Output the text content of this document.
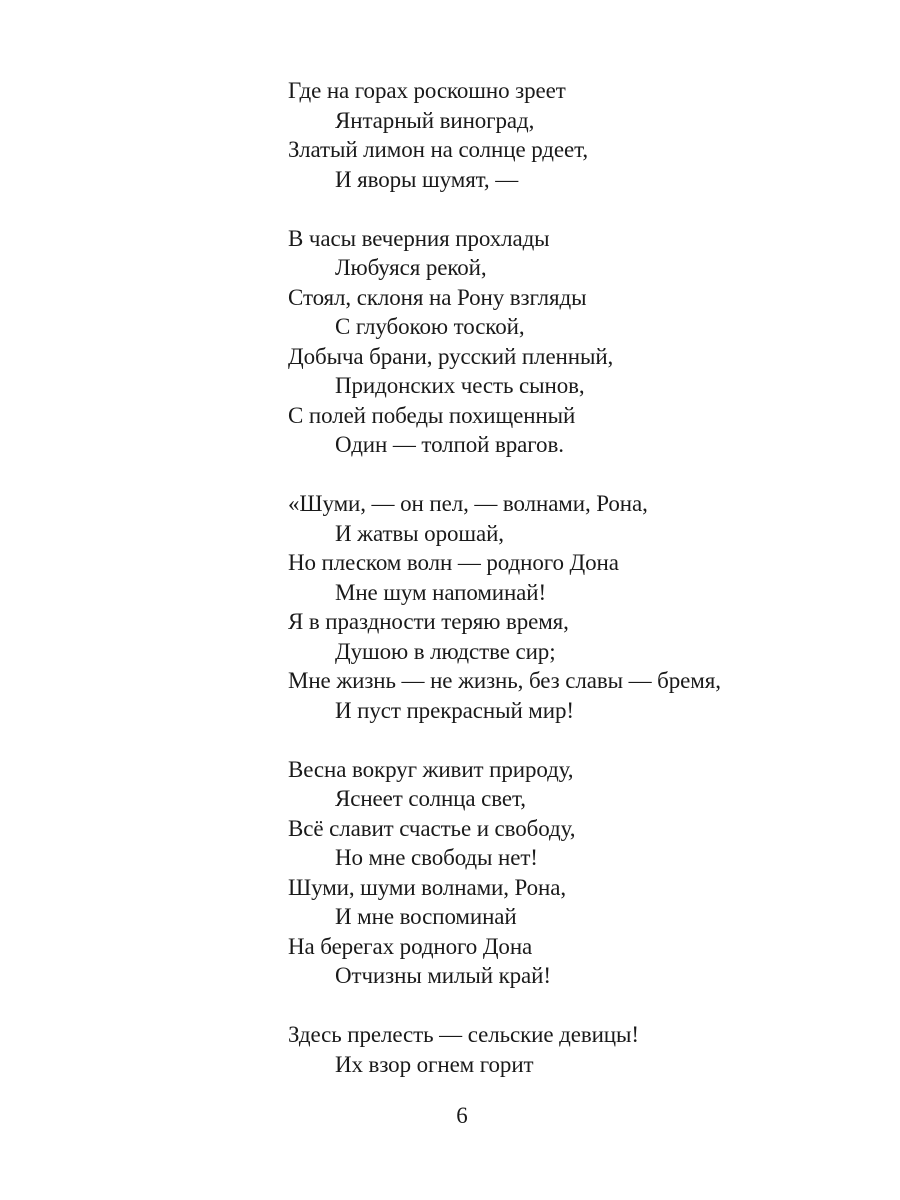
Где на горах роскошно зреет
Янтарный виноград,
Златый лимон на солнце рдеет,
И яворы шумят, —
В часы вечерния прохлады
Любуяся рекой,
Стоял, склоня на Рону взгляды
С глубокою тоской,
Добыча брани, русский пленный,
Придонских честь сынов,
С полей победы похищенный
Один — толпой врагов.
«Шуми, — он пел, — волнами, Рона,
И жатвы орошай,
Но плеском волн — родного Дона
Мне шум напоминай!
Я в праздности теряю время,
Душою в людстве сир;
Мне жизнь — не жизнь, без славы — бремя,
И пуст прекрасный мир!
Весна вокруг живит природу,
Яснеет солнца свет,
Всё славит счастье и свободу,
Но мне свободы нет!
Шуми, шуми волнами, Рона,
И мне воспоминай
На берегах родного Дона
Отчизны милый край!
Здесь прелесть — сельские девицы!
Их взор огнем горит
6
